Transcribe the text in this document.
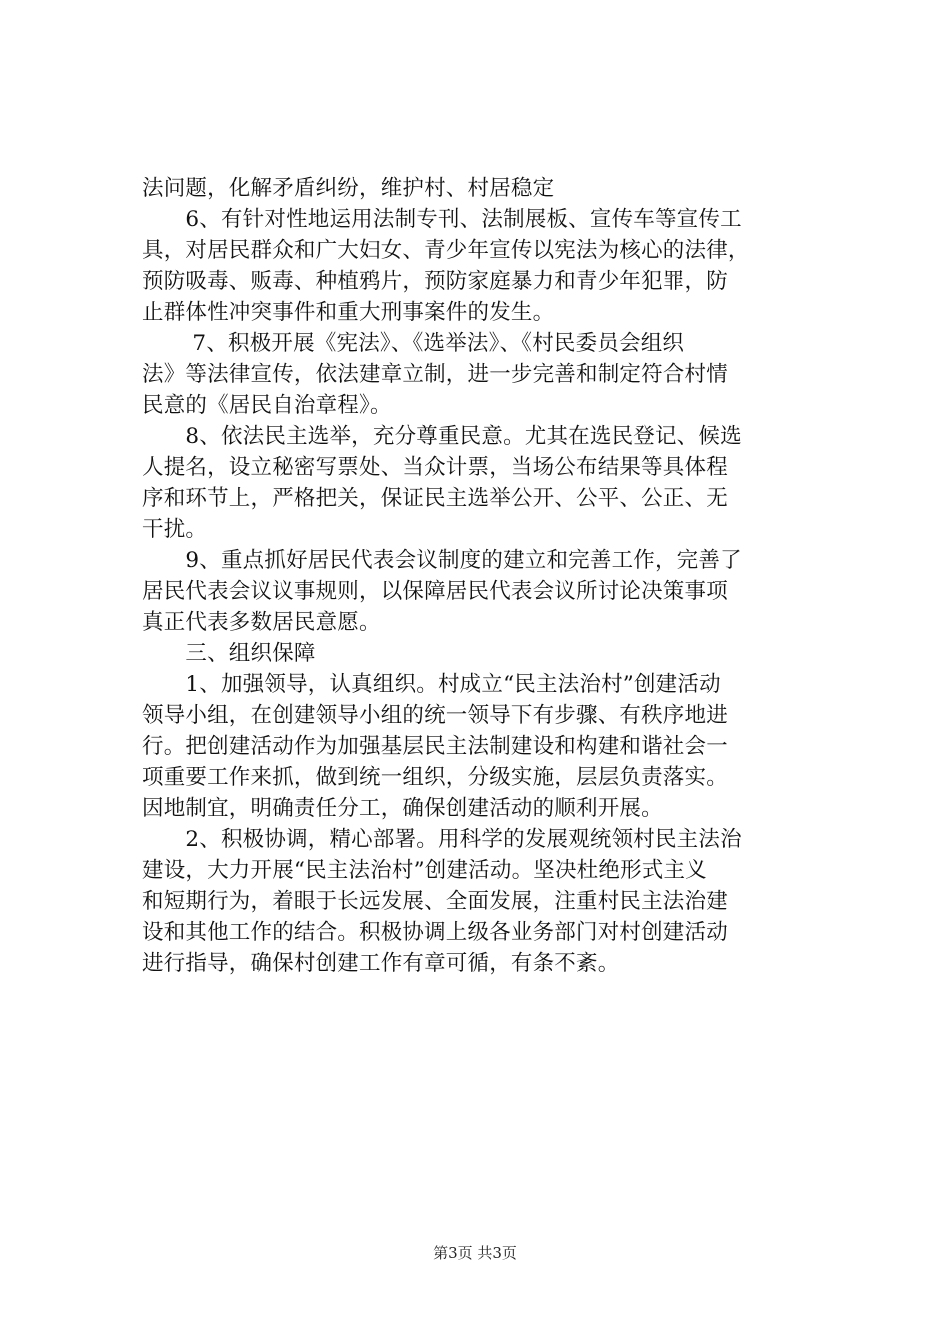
法问题，化解矛盾纠纷，维护村、村居稳定
　　6、有针对性地运用法制专刊、法制展板、宣传车等宣传工
具，对居民群众和广大妇女、青少年宣传以宪法为核心的法律，
预防吸毒、贩毒、种植鸦片，预防家庭暴力和青少年犯罪，防
止群体性冲突事件和重大刑事案件的发生。
　　 7、积极开展《宪法》、《选举法》、《村民委员会组织
法》等法律宣传，依法建章立制，进一步完善和制定符合村情
民意的《居民自治章程》。
　　8、依法民主选举，充分尊重民意。尤其在选民登记、候选
人提名，设立秘密写票处、当众计票，当场公布结果等具体程
序和环节上，严格把关，保证民主选举公开、公平、公正、无
干扰。
　　9、重点抓好居民代表会议制度的建立和完善工作，完善了
居民代表会议议事规则，以保障居民代表会议所讨论决策事项
真正代表多数居民意愿。
　　三、组织保障
　　1、加强领导，认真组织。村成立“民主法治村”创建活动
领导小组，在创建领导小组的统一领导下有步骤、有秩序地进
行。把创建活动作为加强基层民主法制建设和构建和谐社会一
项重要工作来抓，做到统一组织，分级实施，层层负责落实。
因地制宜，明确责任分工，确保创建活动的顺利开展。
　　2、积极协调，精心部署。用科学的发展观统领村民主法治
建设，大力开展“民主法治村”创建活动。坚决杜绝形式主义
和短期行为，着眼于长远发展、全面发展，注重村民主法治建
设和其他工作的结合。积极协调上级各业务部门对村创建活动
进行指导，确保村创建工作有章可循，有条不紊。
第3页 共3页
